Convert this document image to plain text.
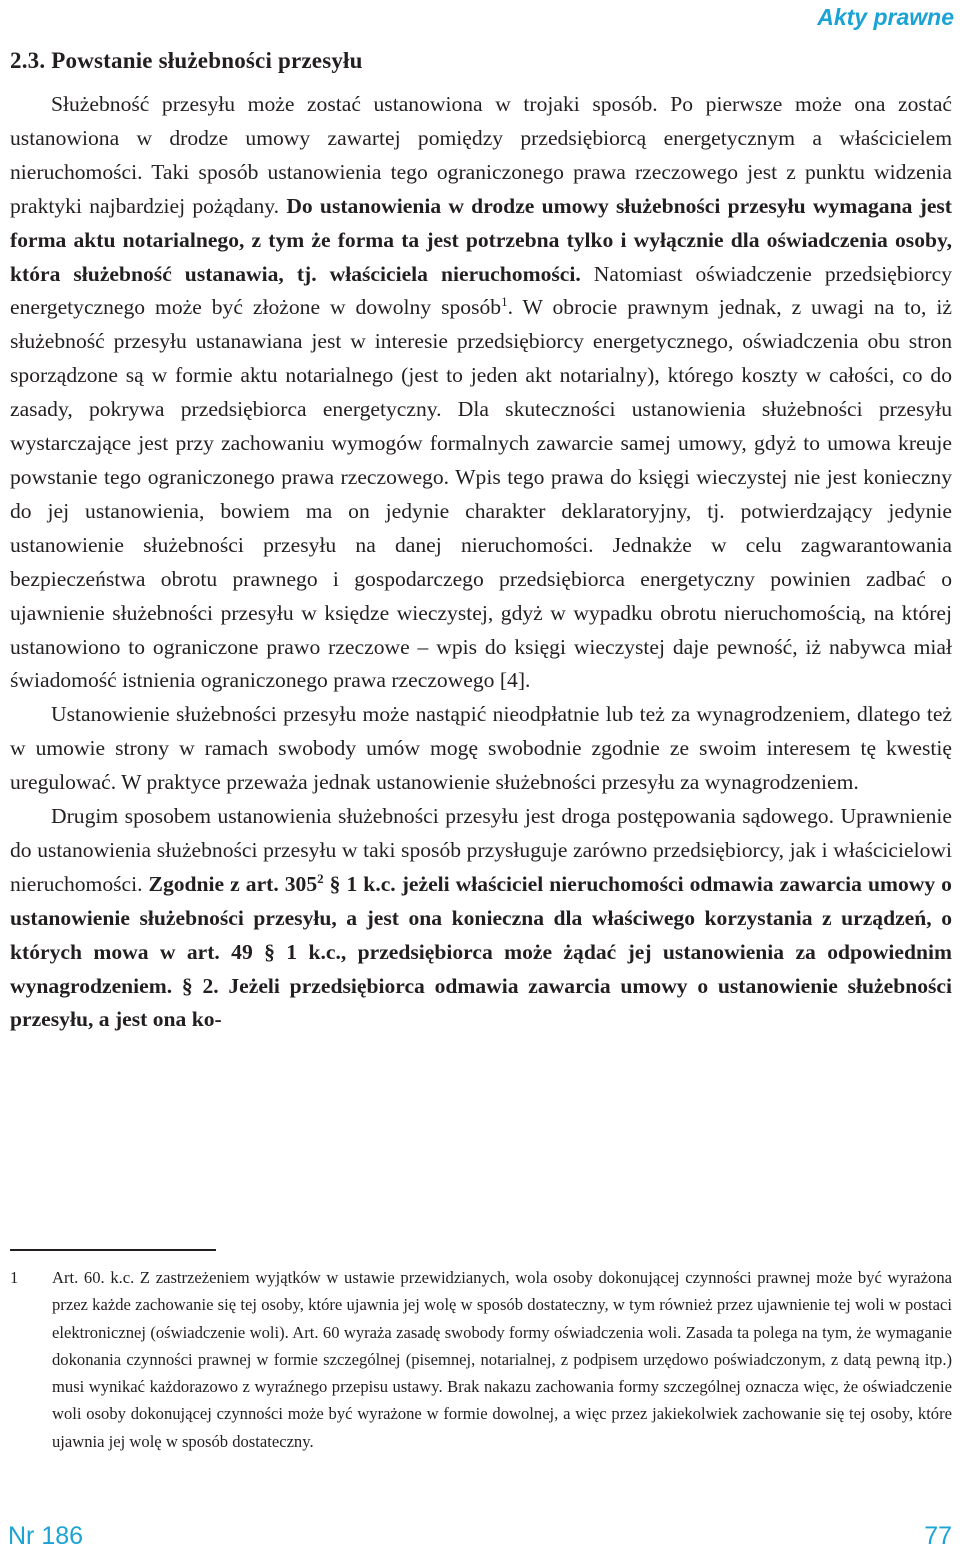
Akty prawne
2.3. Powstanie służebności przesyłu

Służebność przesyłu może zostać ustanowiona w trojaki sposób. Po pierwsze może ona zostać ustanowiona w drodze umowy zawartej pomiędzy przedsiębiorcą energetycznym a właścicielem nieruchomości. Taki sposób ustanowienia tego ograniczonego prawa rzeczowego jest z punktu widzenia praktyki najbardziej pożądany. Do ustanowienia w drodze umowy służebności przesyłu wymagana jest forma aktu notarialnego, z tym że forma ta jest potrzebna tylko i wyłącznie dla oświadczenia osoby, która służebność ustanawia, tj. właściciela nieruchomości. Natomiast oświadczenie przedsiębiorcy energetycznego może być złożone w dowolny sposób$^1$. W obrocie prawnym jednak, z uwagi na to, iż służebność przesyłu ustanawiana jest w interesie przedsiębiorcy energetycznego, oświadczenia obu stron sporządzone są w formie aktu notarialnego (jest to jeden akt notarialny), którego koszty w całości, co do zasady, pokrywa przedsiębiorca energetyczny. Dla skuteczności ustanowienia służebności przesyłu wystarczające jest przy zachowaniu wymogów formalnych zawarcie samej umowy, gdyż to umowa kreuje powstanie tego ograniczonego prawa rzeczowego. Wpis tego prawa do księgi wieczystej nie jest konieczny do jej ustanowienia, bowiem ma on jedynie charakter deklaratoryjny, tj. potwierdzający jedynie ustanowienie służebności przesyłu na danej nieruchomości. Jednakże w celu zagwarantowania bezpieczeństwa obrotu prawnego i gospodarczego przedsiębiorca energetyczny powinien zadbać o ujawnienie służebności przesyłu w księdze wieczystej, gdyż w wypadku obrotu nieruchomością, na której ustanowiono to ograniczone prawo rzeczowe – wpis do księgi wieczystej daje pewność, iż nabywca miał świadomość istnienia ograniczonego prawa rzeczowego [4].

Ustanowienie służebności przesyłu może nastąpić nieodpłatnie lub też za wynagrodzeniem, dlatego też w umowie strony w ramach swobody umów mogę swobodnie zgodnie ze swoim interesem tę kwestię uregulować. W praktyce przeważa jednak ustanowienie służebności przesyłu za wynagrodzeniem.

Drugim sposobem ustanowienia służebności przesyłu jest droga postępowania sądowego. Uprawnienie do ustanowienia służebności przesyłu w taki sposób przysługuje zarówno przedsiębiorcy, jak i właścicielowi nieruchomości. Zgodnie z art. $305^2$ § 1 k.c. jeżeli właściciel nieruchomości odmawia zawarcia umowy o ustanowienie służebności przesyłu, a jest ona konieczna dla właściwego korzystania z urządzeń, o których mowa w art. 49 § 1 k.c., przedsiębiorca może żądać jej ustanowienia za odpowiednim wynagrodzeniem. § 2. Jeżeli przedsiębiorca odmawia zawarcia umowy o ustanowienie służebności przesyłu, a jest ona ko-

1 Art. 60. k.c. Z zastrzeżeniem wyjątków w ustawie przewidzianych, wola osoby dokonującej czynności prawnej może być wyrażona przez każde zachowanie się tej osoby, które ujawnia jej wolę w sposób dostateczny, w tym również przez ujawnienie tej woli w postaci elektronicznej (oświadczenie woli). Art. 60 wyraża zasadę swobody formy oświadczenia woli. Zasada ta polega na tym, że wymaganie dokonania czynności prawnej w formie szczególnej (pisemnej, notarialnej, z podpisem urzędowo poświadczonym, z datą pewną itp.) musi wynikać każdorazowo z wyraźnego przepisu ustawy. Brak nakazu zachowania formy szczególnej oznacza więc, że oświadczenie woli osoby dokonującej czynności może być wyrażone w formie dowolnej, a więc przez jakiekolwiek zachowanie się tej osoby, które ujawnia jej wolę w sposób dostateczny.
Nr 186	77
